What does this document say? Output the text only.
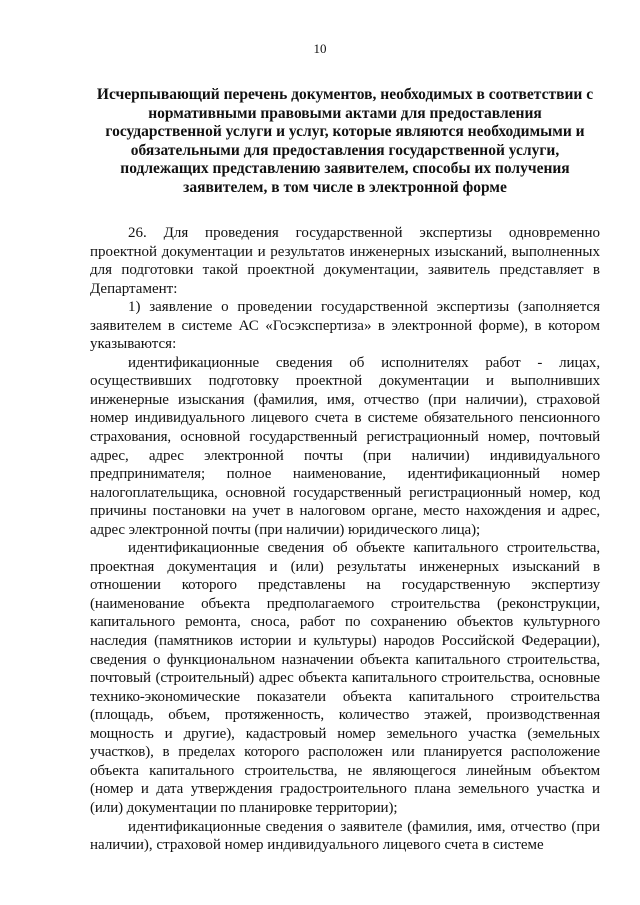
10
Исчерпывающий перечень документов, необходимых в соответствии с нормативными правовыми актами для предоставления государственной услуги и услуг, которые являются необходимыми и обязательными для предоставления государственной услуги, подлежащих представлению заявителем, способы их получения заявителем, в том числе в электронной форме

26. Для проведения государственной экспертизы одновременно проектной документации и результатов инженерных изысканий, выполненных для подготовки такой проектной документации, заявитель представляет в Департамент:

1) заявление о проведении государственной экспертизы (заполняется заявителем в системе АС «Госэкспертиза» в электронной форме), в котором указываются:

идентификационные сведения об исполнителях работ - лицах, осуществивших подготовку проектной документации и выполнивших инженерные изыскания (фамилия, имя, отчество (при наличии), страховой номер индивидуального лицевого счета в системе обязательного пенсионного страхования, основной государственный регистрационный номер, почтовый адрес, адрес электронной почты (при наличии) индивидуального предпринимателя; полное наименование, идентификационный номер налогоплательщика, основной государственный регистрационный номер, код причины постановки на учет в налоговом органе, место нахождения и адрес, адрес электронной почты (при наличии) юридического лица);

идентификационные сведения об объекте капитального строительства, проектная документация и (или) результаты инженерных изысканий в отношении которого представлены на государственную экспертизу (наименование объекта предполагаемого строительства (реконструкции, капитального ремонта, сноса, работ по сохранению объектов культурного наследия (памятников истории и культуры) народов Российской Федерации), сведения о функциональном назначении объекта капитального строительства, почтовый (строительный) адрес объекта капитального строительства, основные технико-экономические показатели объекта капитального строительства (площадь, объем, протяженность, количество этажей, производственная мощность и другие), кадастровый номер земельного участка (земельных участков), в пределах которого расположен или планируется расположение объекта капитального строительства, не являющегося линейным объектом (номер и дата утверждения градостроительного плана земельного участка и (или) документации по планировке территории);

идентификационные сведения о заявителе (фамилия, имя, отчество (при наличии), страховой номер индивидуального лицевого счета в системе
